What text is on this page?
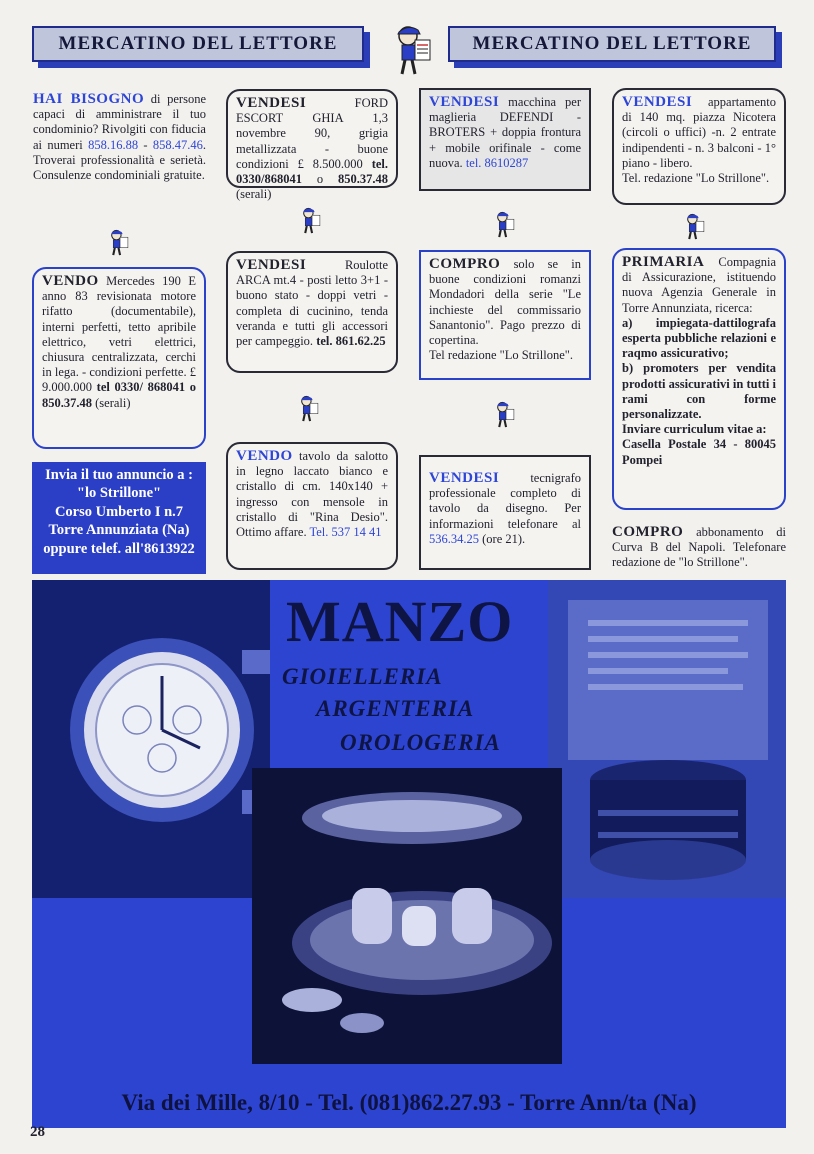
MERCATINO DEL LETTORE	MERCATINO DEL LETTORE
HAI BISOGNO di persone capaci di amministrare il tuo condominio? Rivolgiti con fiducia ai numeri 858.16.88 - 858.47.46. Troverai professionalità e serietà. Consulenze condominiali gratuite.
VENDO Mercedes 190 E anno 83 revisionata motore rifatto (documentabile), interni perfetti, tetto apribile elettrico, vetri elettrici, chiusura centralizzata, cerchi in lega. - condizioni perfette. £ 9.000.000 tel 0330/ 868041 o 850.37.48 (serali)
Invia il tuo annuncio a :
"lo Strillone"
Corso Umberto I n.7
Torre Annunziata (Na)
oppure telef. all'8613922
VENDESI	FORD ESCORT GHIA 1,3 novembre 90, grigia metallizzata - buone condizioni £ 8.500.000 tel. 0330/868041 o 850.37.48 (serali)
VENDESI	Roulotte ARCA mt.4 - posti letto 3+1 - buono stato - doppi vetri - completa di cucinino, tenda veranda e tutti gli accessori per campeggio. tel. 861.62.25
VENDO tavolo da salotto in legno laccato bianco e cristallo di cm. 140x140 + ingresso con mensole in cristallo di "Rina Desio". Ottimo affare. Tel. 537 14 41
VENDESI macchina per maglieria DEFENDI - BROTERS + doppia frontura + mobile orifinale - come nuova. tel. 8610287
COMPRO solo se in buone condizioni romanzi Mondadori della serie "Le inchieste del commissario Sanantonio". Pago prezzo di copertina.
Tel redazione "Lo Strillone".
VENDESI tecnigrafo professionale completo di tavolo da disegno. Per informazioni telefonare al 536.34.25 (ore 21).
VENDESI appartamento di 140 mq. piazza Nicotera (circoli o uffici) -n. 2 entrate indipendenti - n. 3 balconi - 1° piano - libero.
Tel. redazione "Lo Strillone".
PRIMARIA Compagnia di Assicurazione, istituendo nuova Agenzia Generale in Torre Annunziata, ricerca:
a) impiegata-dattilografa esperta pubbliche relazioni e raqmo assicurativo;
b) promoters per vendita prodotti assicurativi in tutti i rami con forme personalizzate.
Inviare curriculum vitae a:
Casella Postale 34 - 80045 Pompei
COMPRO abbonamento di Curva B del Napoli. Telefonare redazione de "lo Strillone".
MANZO
GIOIELLERIA
ARGENTERIA
OROLOGERIA
Via dei Mille, 8/10 - Tel. (081)862.27.93 - Torre Ann/ta (Na)
28
